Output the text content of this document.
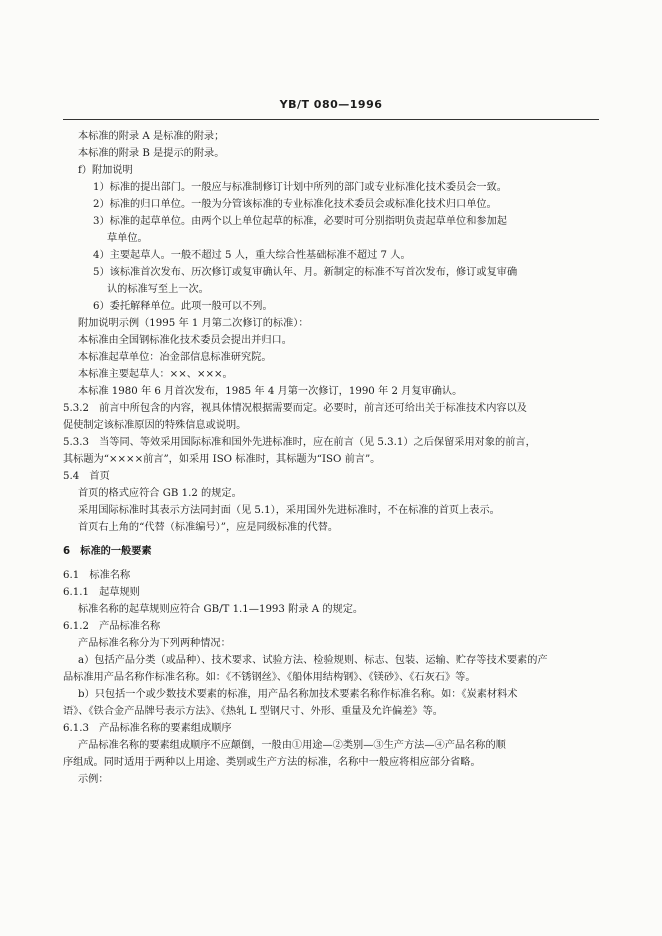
YB/T 080—1996
本标准的附录 A 是标准的附录；
本标准的附录 B 是提示的附录。
f）附加说明
1）标准的提出部门。一般应与标准制修订计划中所列的部门或专业标准化技术委员会一致。
2）标准的归口单位。一般为分管该标准的专业标准化技术委员会或标准化技术归口单位。
3）标准的起草单位。由两个以上单位起草的标准，必要时可分别指明负责起草单位和参加起
草单位。
4）主要起草人。一般不超过 5 人，重大综合性基础标准不超过 7 人。
5）该标准首次发布、历次修订或复审确认年、月。新制定的标准不写首次发布，修订或复审确
认的标准写至上一次。
6）委托解释单位。此项一般可以不列。
附加说明示例（1995 年 1 月第二次修订的标准）：
本标准由全国钢标准化技术委员会提出并归口。
本标准起草单位：冶金部信息标准研究院。
本标准主要起草人：××、×××。
本标准 1980 年 6 月首次发布，1985 年 4 月第一次修订，1990 年 2 月复审确认。
5.3.2　前言中所包含的内容，视具体情况根据需要而定。必要时，前言还可给出关于标准技术内容以及
促使制定该标准原因的特殊信息或说明。
5.3.3　当等同、等效采用国际标准和国外先进标准时，应在前言（见 5.3.1）之后保留采用对象的前言，
其标题为“××××前言”，如采用 ISO 标准时，其标题为“ISO 前言”。
5.4　首页
首页的格式应符合 GB 1.2 的规定。
采用国际标准时其表示方法同封面（见 5.1），采用国外先进标准时，不在标准的首页上表示。
首页右上角的“代替（标准编号）”，应是同级标准的代替。
6　标准的一般要素
6.1　标准名称
6.1.1　起草规则
标准名称的起草规则应符合 GB/T 1.1—1993 附录 A 的规定。
6.1.2　产品标准名称
产品标准名称分为下列两种情况：
a）包括产品分类（或品种）、技术要求、试验方法、检验规则、标志、包装、运输、贮存等技术要素的产
品标准用产品名称作标准名称。如：《不锈钢丝》、《船体用结构钢》、《镁砂》、《石灰石》等。
b）只包括一个或少数技术要素的标准，用产品名称加技术要素名称作标准名称。如：《炭素材料术
语》、《铁合金产品牌号表示方法》、《热轧 L 型钢尺寸、外形、重量及允许偏差》等。
6.1.3　产品标准名称的要素组成顺序
产品标准名称的要素组成顺序不应颠倒，一般由①用途—②类别—③生产方法—④产品名称的顺
序组成。同时适用于两种以上用途、类别或生产方法的标准，名称中一般应将相应部分省略。
示例：
